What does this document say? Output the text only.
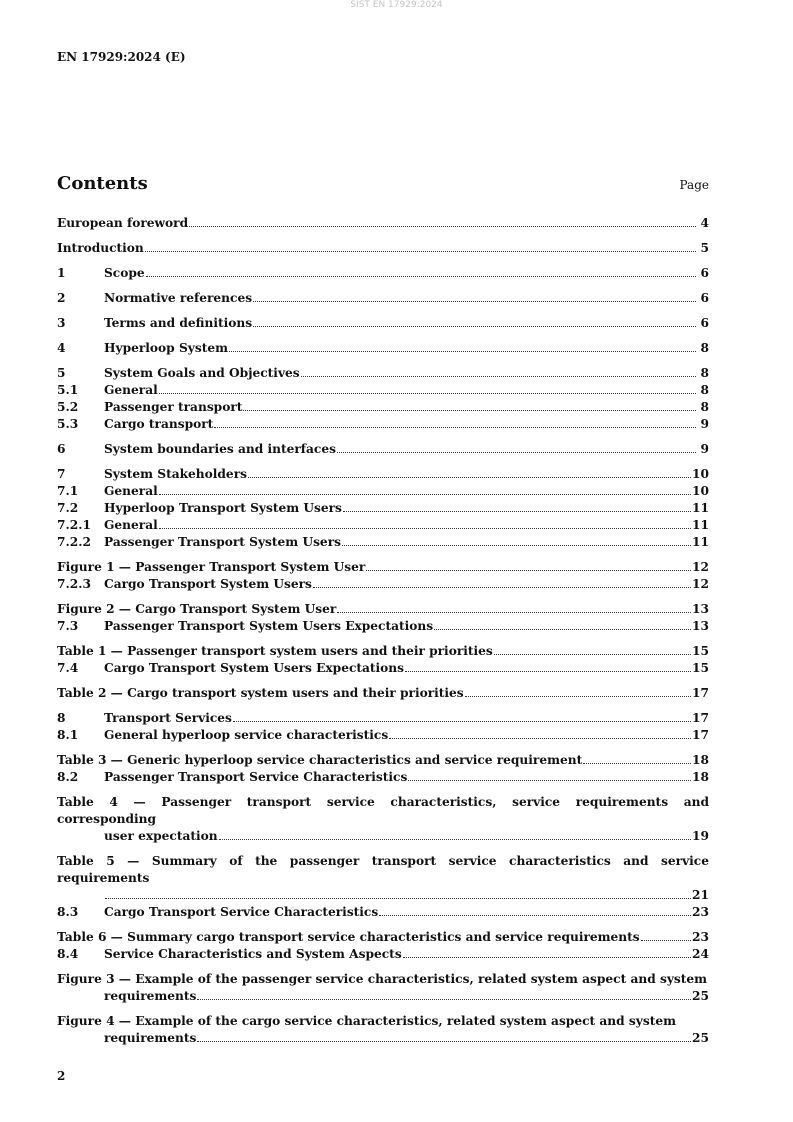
SIST EN 17929:2024
EN 17929:2024 (E)
Contents	Page
European foreword	4
Introduction	5
1	Scope	6
2	Normative references	6
3	Terms and definitions	6
4	Hyperloop System	8
5	System Goals and Objectives	8
5.1	General	8
5.2	Passenger transport	8
5.3	Cargo transport	9
6	System boundaries and interfaces	9
7	System Stakeholders	10
7.1	General	10
7.2	Hyperloop Transport System Users	11
7.2.1	General	11
7.2.2	Passenger Transport System Users	11
Figure 1 — Passenger Transport System User	12
7.2.3	Cargo Transport System Users	12
Figure 2 — Cargo Transport System User	13
7.3	Passenger Transport System Users Expectations	13
Table 1 — Passenger transport system users and their priorities	15
7.4	Cargo Transport System Users Expectations	15
Table 2 — Cargo transport system users and their priorities	17
8	Transport Services	17
8.1	General hyperloop service characteristics	17
Table 3 — Generic hyperloop service characteristics and service requirement	18
8.2	Passenger Transport Service Characteristics	18
Table 4 — Passenger transport service characteristics, service requirements and corresponding
user expectation	19
Table 5 — Summary of the passenger transport service characteristics and service requirements
21
8.3	Cargo Transport Service Characteristics	23
Table 6 — Summary cargo transport service characteristics and service requirements	23
8.4	Service Characteristics and System Aspects	24
Figure 3 — Example of the passenger service characteristics, related system aspect and system
requirements	25
Figure 4 — Example of the cargo service characteristics, related system aspect and system
requirements	25
2
